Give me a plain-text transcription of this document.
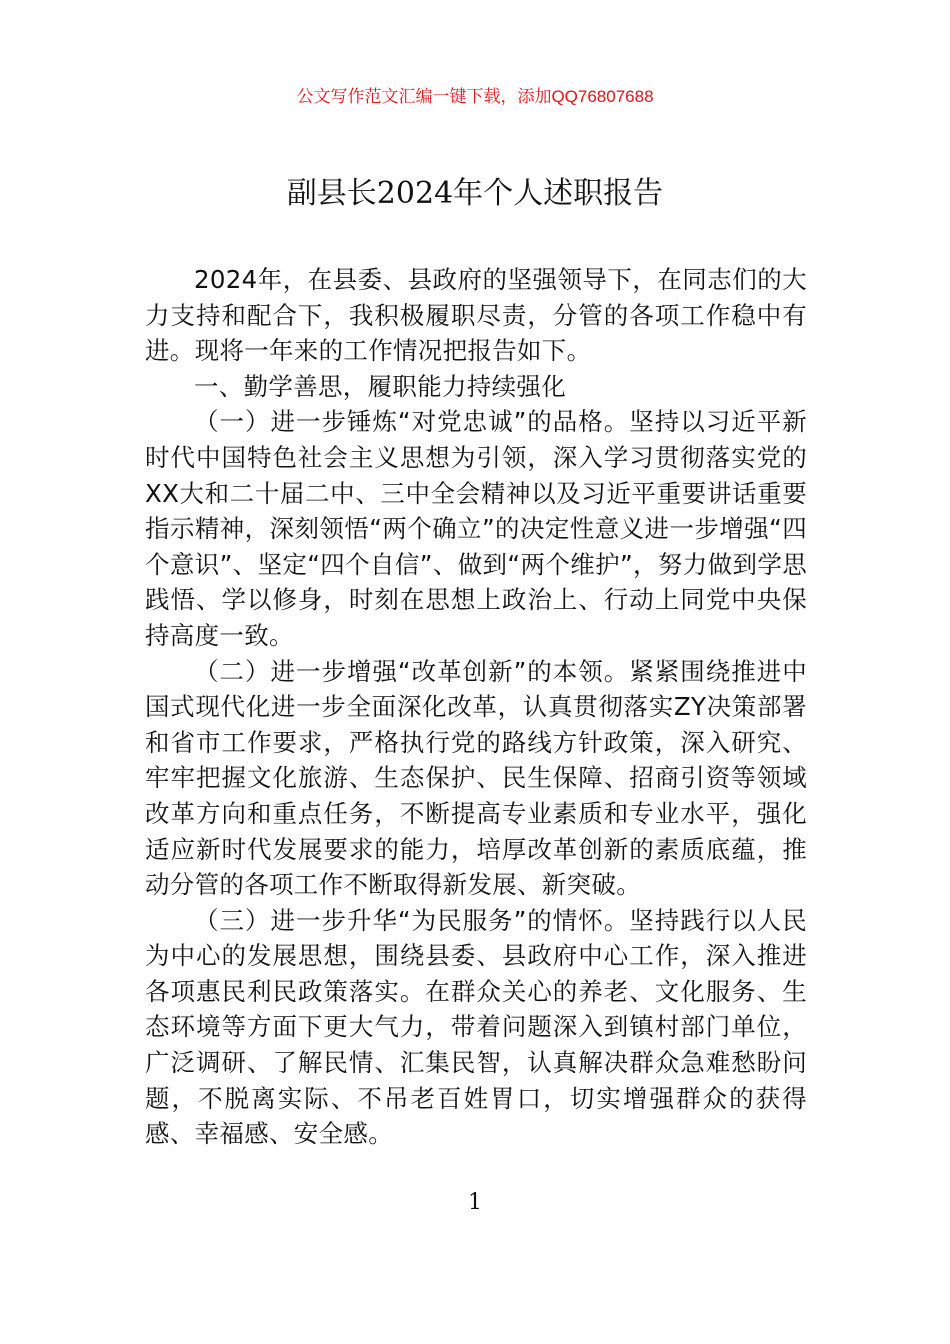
公文写作范文汇编一键下载，添加QQ76807688
副县长2024年个人述职报告

2024年，在县委、县政府的坚强领导下，在同志们的大力支持和配合下，我积极履职尽责，分管的各项工作稳中有进。现将一年来的工作情况把报告如下。

一、勤学善思，履职能力持续强化

（一）进一步锤炼“对党忠诚”的品格。坚持以习近平新时代中国特色社会主义思想为引领，深入学习贯彻落实党的XX大和二十届二中、三中全会精神以及习近平重要讲话重要指示精神，深刻领悟“两个确立”的决定性意义进一步增强“四个意识”、坚定“四个自信”、做到“两个维护”，努力做到学思践悟、学以修身，时刻在思想上政治上、行动上同党中央保持高度一致。

（二）进一步增强“改革创新”的本领。紧紧围绕推进中国式现代化进一步全面深化改革，认真贯彻落实ZY决策部署和省市工作要求，严格执行党的路线方针政策，深入研究、牢牢把握文化旅游、生态保护、民生保障、招商引资等领域改革方向和重点任务，不断提高专业素质和专业水平，强化适应新时代发展要求的能力，培厚改革创新的素质底蕴，推动分管的各项工作不断取得新发展、新突破。

（三）进一步升华“为民服务”的情怀。坚持践行以人民为中心的发展思想，围绕县委、县政府中心工作，深入推进各项惠民利民政策落实。在群众关心的养老、文化服务、生态环境等方面下更大气力，带着问题深入到镇村部门单位，广泛调研、了解民情、汇集民智，认真解决群众急难愁盼问题，不脱离实际、不吊老百姓胃口，切实增强群众的获得感、幸福感、安全感。

1
